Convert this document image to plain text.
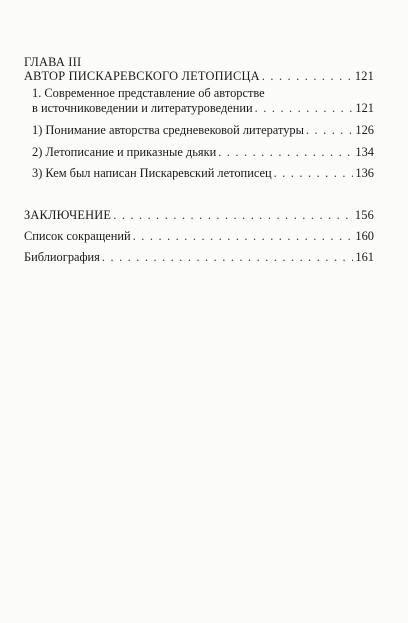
ГЛАВА III
АВТОР ПИСКАРЕВСКОГО ЛЕТОПИСЦА . . .	121
1. Современное представление об авторстве
в источниковедении и литературоведении . . .	121
1) Понимание авторства средневековой литературы . . .	126
2) Летописание и приказные дьяки . . .	134
3) Кем был написан Пискаревский летописец . . .	136
ЗАКЛЮЧЕНИЕ . . .	156
Список сокращений . . .	160
Библиография . . .	161
